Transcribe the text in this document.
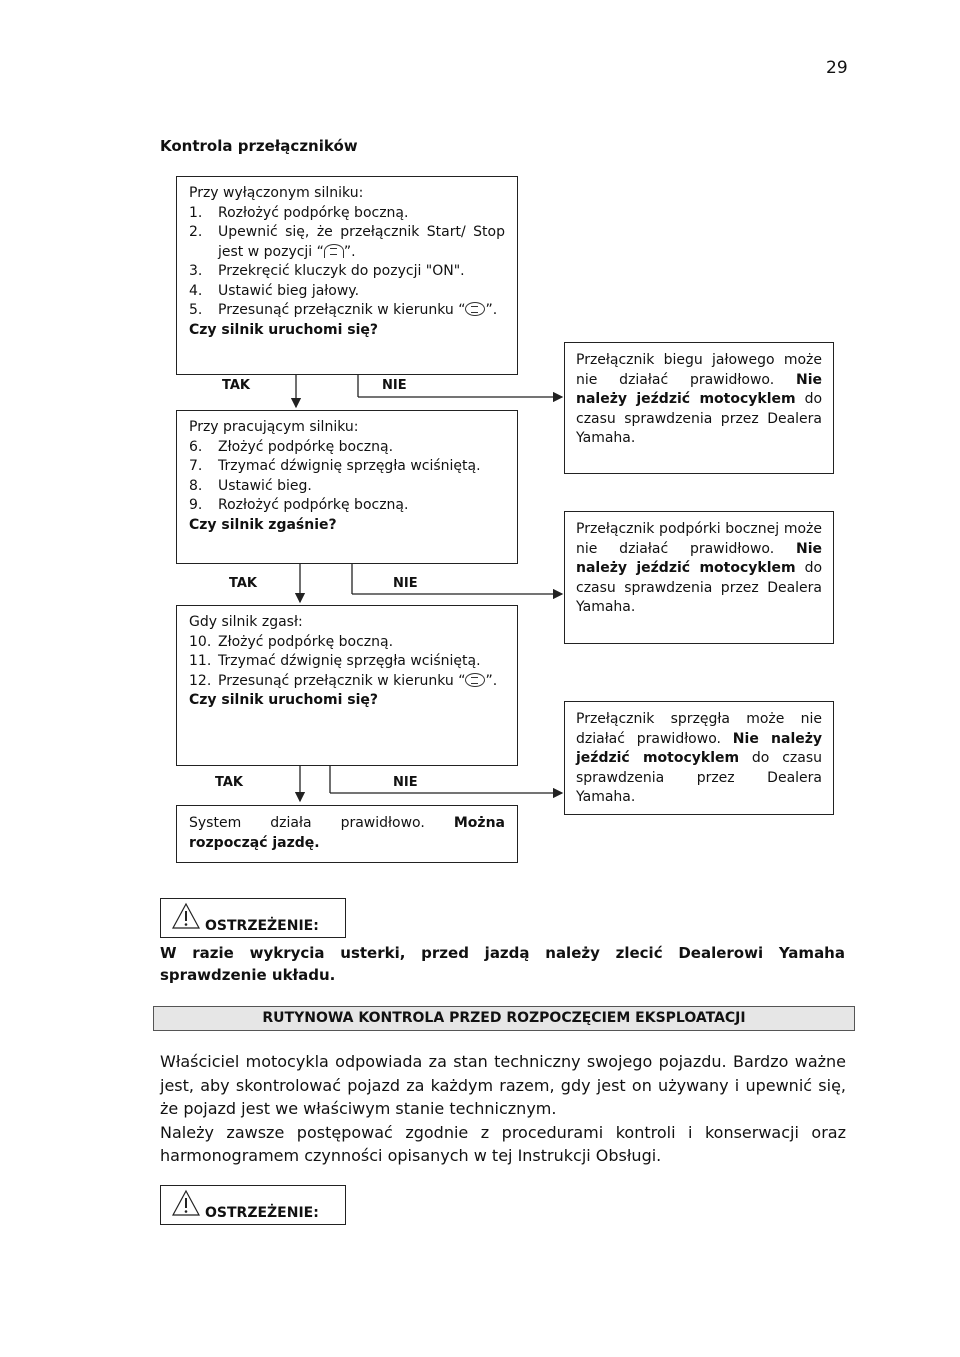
29
Kontrola przełączników
Przy wyłączonym silniku:
1.	Rozłożyć podpórkę boczną.
2.	Upewnić się, że przełącznik Start/ Stop jest w pozycji “ ”.
3.	Przekręcić kluczyk do pozycji "ON".
4.	Ustawić bieg jałowy.
5.	Przesunąć przełącznik w kierunku “ ”.
Czy silnik uruchomi się?
TAK	NIE
Przełącznik biegu jałowego może nie działać prawidłowo. Nie należy jeździć motocyklem do czasu sprawdzenia przez Dealera Yamaha.
Przy pracującym silniku:
6.	Złożyć podpórkę boczną.
7.	Trzymać dźwignię sprzęgła wciśniętą.
8.	Ustawić bieg.
9.	Rozłożyć podpórkę boczną.
Czy silnik zgaśnie?
TAK	NIE
Przełącznik podpórki bocznej może nie działać prawidłowo. Nie należy jeździć motocyklem do czasu sprawdzenia przez Dealera Yamaha.
Gdy silnik zgasł:
10. Złożyć podpórkę boczną.
11. Trzymać dźwignię sprzęgła wciśniętą.
12. Przesunąć przełącznik w kierunku “ ”.
Czy silnik uruchomi się?
TAK	NIE
Przełącznik sprzęgła może nie działać prawidłowo. Nie należy jeździć motocyklem do czasu sprawdzenia przez Dealera Yamaha.
System działa prawidłowo. Można rozpocząć jazdę.
OSTRZEŻENIE:
W razie wykrycia usterki, przed jazdą należy zlecić Dealerowi Yamaha sprawdzenie układu.
RUTYNOWA KONTROLA PRZED ROZPOCZĘCIEM EKSPLOATACJI

Właściciel motocykla odpowiada za stan techniczny swojego pojazdu. Bardzo ważne jest, aby skontrolować pojazd za każdym razem, gdy jest on używany i upewnić się, że pojazd jest we właściwym stanie technicznym.

Należy zawsze postępować zgodnie z procedurami kontroli i konserwacji oraz harmonogramem czynności opisanych w tej Instrukcji Obsługi.

OSTRZEŻENIE:
